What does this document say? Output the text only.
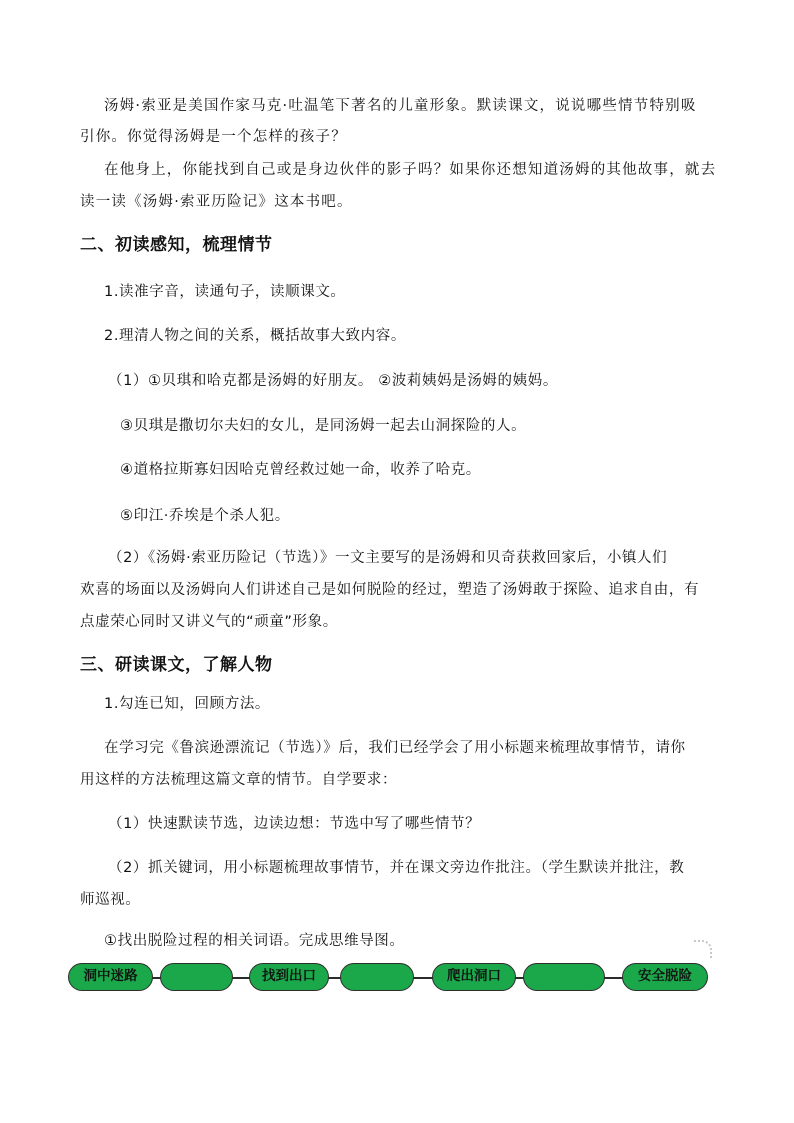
汤姆·索亚是美国作家马克·吐温笔下著名的儿童形象。默读课文，说说哪些情节特别吸
引你。你觉得汤姆是一个怎样的孩子？
在他身上，你能找到自己或是身边伙伴的影子吗？如果你还想知道汤姆的其他故事，就去
读一读《汤姆·索亚历险记》这本书吧。
二、初读感知，梳理情节
1.读准字音，读通句子，读顺课文。
2.理清人物之间的关系，概括故事大致内容。
（1）①贝琪和哈克都是汤姆的好朋友。 ②波莉姨妈是汤姆的姨妈。
③贝琪是撒切尔夫妇的女儿，是同汤姆一起去山洞探险的人。
④道格拉斯寡妇因哈克曾经救过她一命，收养了哈克。
⑤印江·乔埃是个杀人犯。
（2）《汤姆·索亚历险记（节选）》一文主要写的是汤姆和贝奇获救回家后，小镇人们
欢喜的场面以及汤姆向人们讲述自己是如何脱险的经过，塑造了汤姆敢于探险、追求自由，有
点虚荣心同时又讲义气的“顽童”形象。
三、研读课文，了解人物
1.勾连已知，回顾方法。
在学习完《鲁滨逊漂流记（节选）》后，我们已经学会了用小标题来梳理故事情节，请你
用这样的方法梳理这篇文章的情节。自学要求：
（1）快速默读节选，边读边想：节选中写了哪些情节？
（2）抓关键词，用小标题梳理故事情节，并在课文旁边作批注。（学生默读并批注，教
师巡视。
①找出脱险过程的相关词语。完成思维导图。
洞中迷路	找到出口	爬出洞口	安全脱险
